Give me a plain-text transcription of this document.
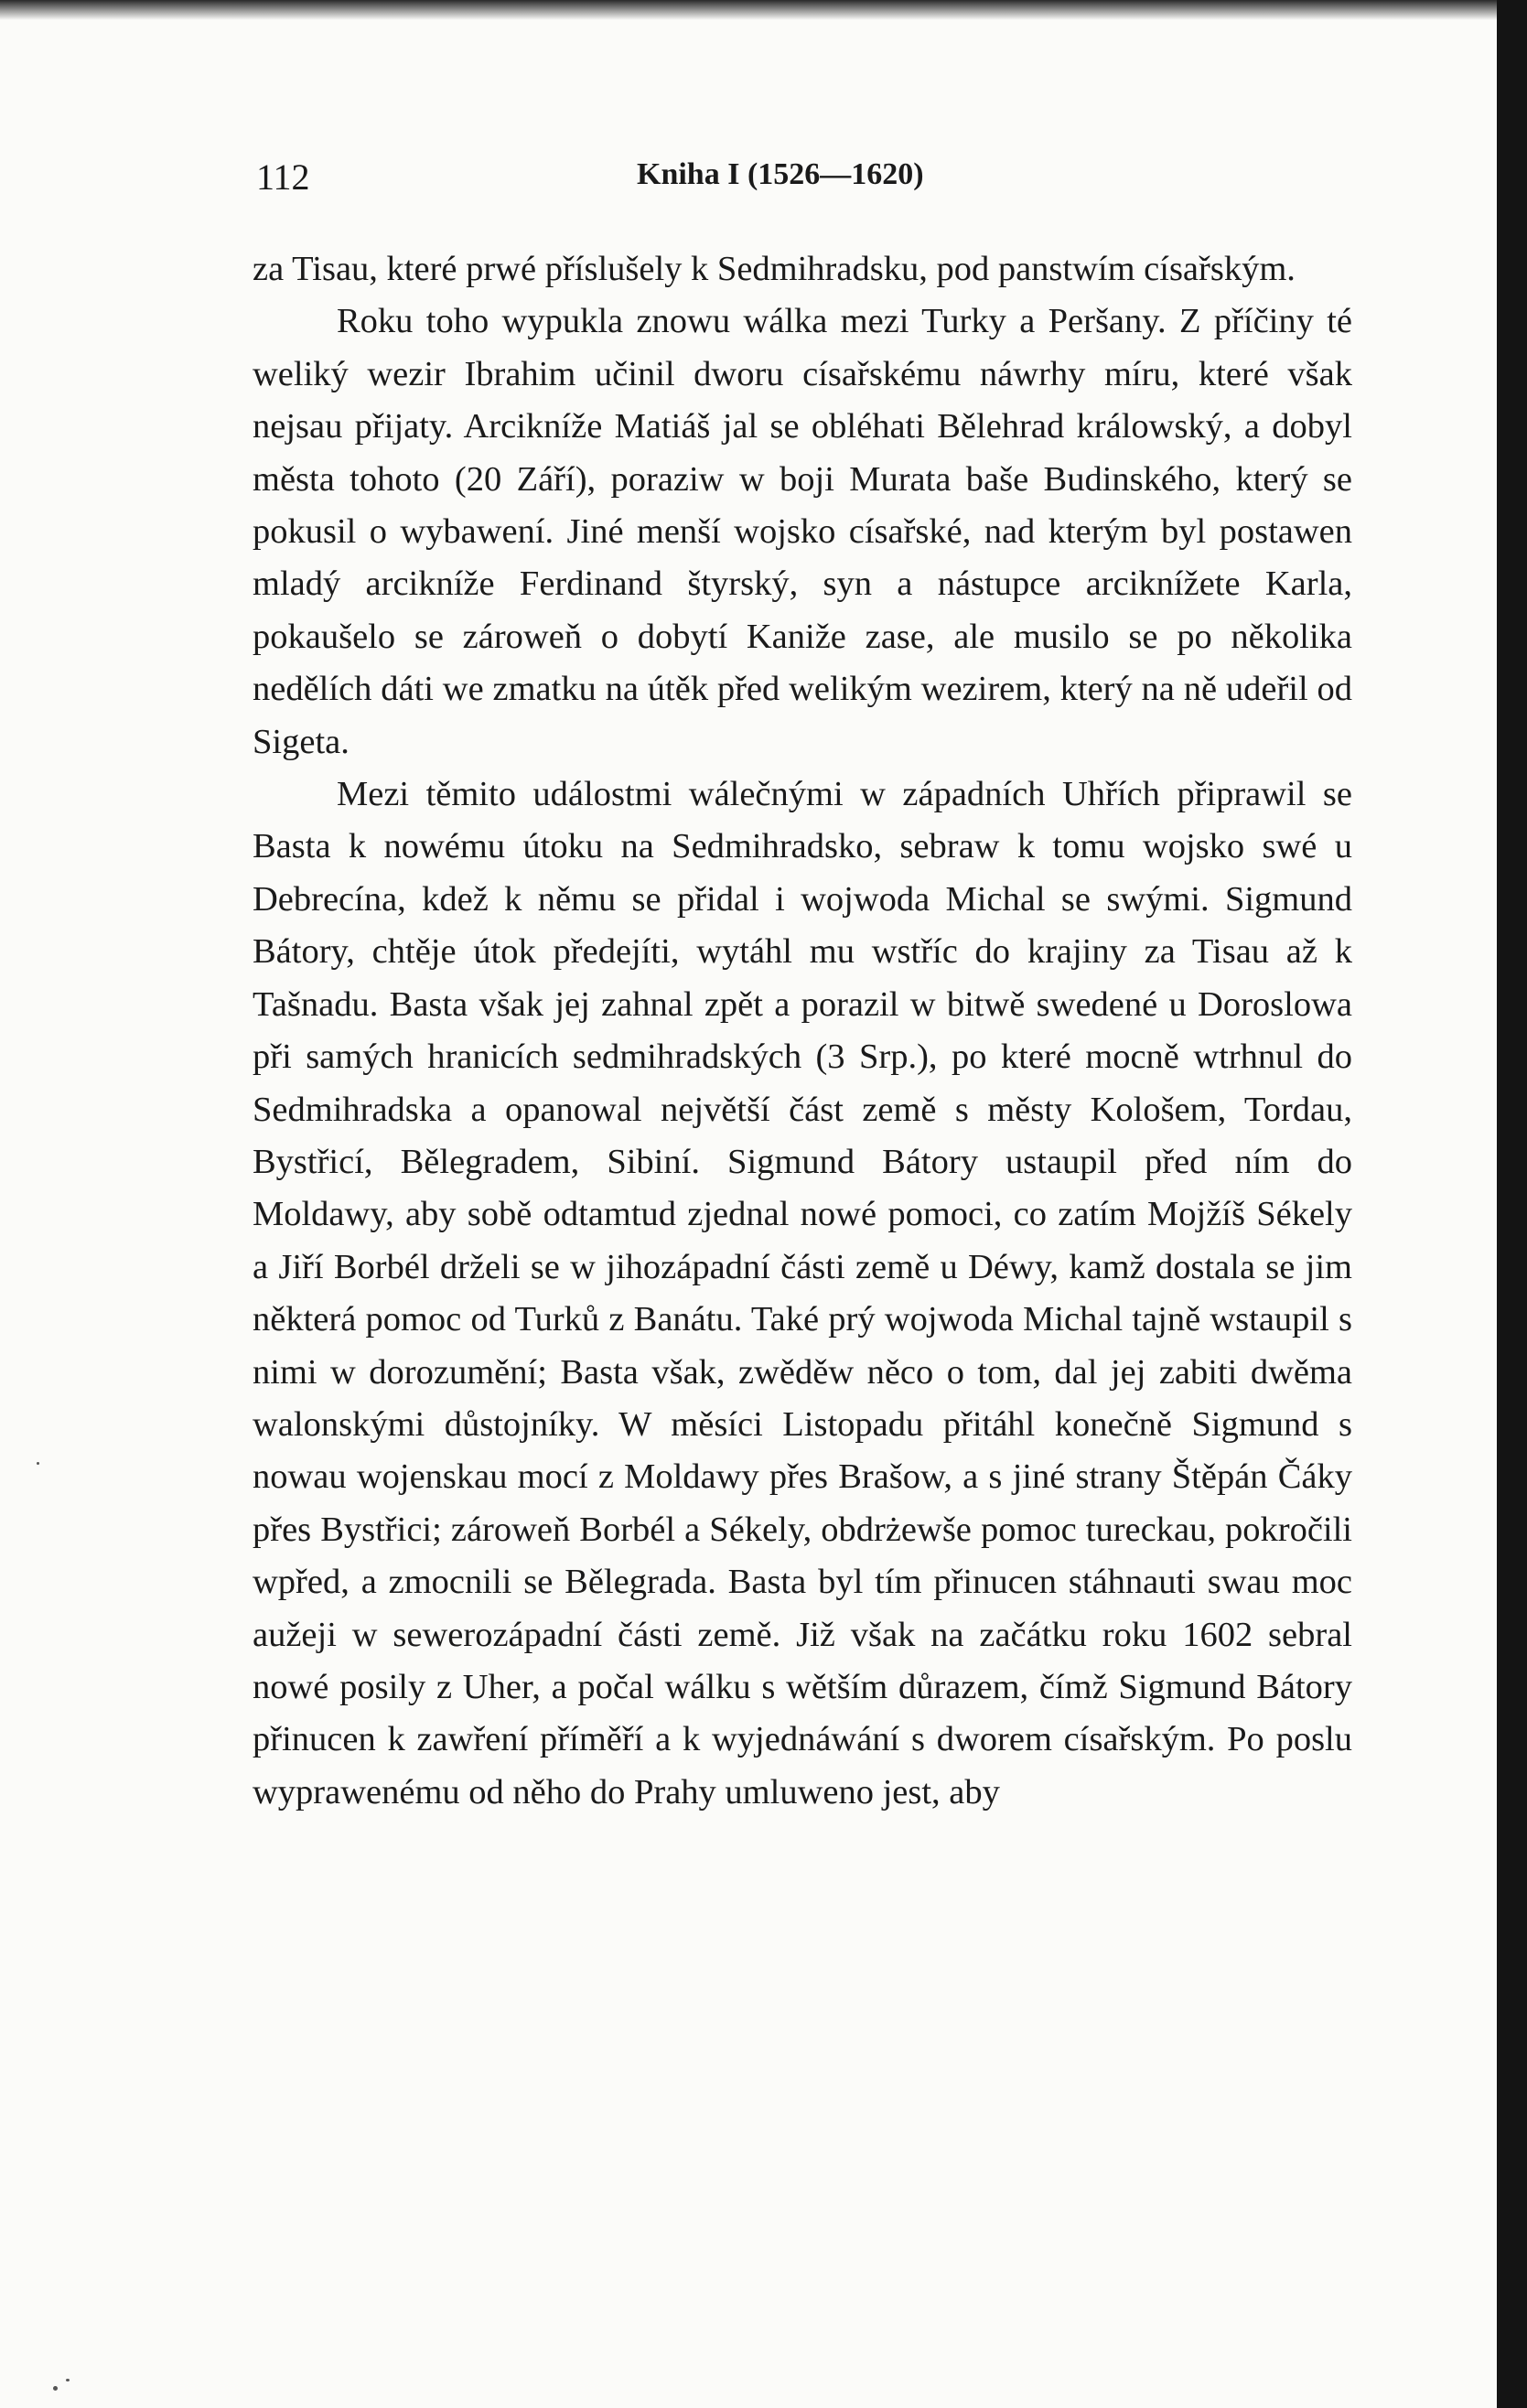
112	Kniha I (1526—1620)

za Tisau, které prwé příslušely k Sedmihradsku, pod panstwím císařským.

Roku toho wypukla znowu wálka mezi Turky a Peršany. Z příčiny té weliký wezir Ibrahim učinil dworu císařskému náwrhy míru, které však nejsau přijaty. Arcikníže Matiáš jal se obléhati Bělehrad králowský, a dobyl města tohoto (20 Září), poraziw w boji Murata baše Budinského, který se pokusil o wybawení. Jiné menší wojsko císařské, nad kterým byl postawen mladý arcikníže Ferdinand štyrský, syn a nástupce arciknížete Karla, pokaušelo se zároweň o dobytí Kaniže zase, ale musilo se po několika nedělích dáti we zmatku na útěk před welikým wezirem, který na ně udeřil od Sigeta.

Mezi těmito událostmi wálečnými w západních Uhřích připrawil se Basta k nowému útoku na Sedmihradsko, sebraw k tomu wojsko swé u Debrecína, kdež k němu se přidal i wojwoda Michal se swými. Sigmund Bátory, chtěje útok předejíti, wytáhl mu wstříc do krajiny za Tisau až k Tašnadu. Basta však jej zahnal zpět a porazil w bitwě swedené u Doroslowa při samých hranicích sedmihradských (3 Srp.), po které mocně wtrhnul do Sedmihradska a opanowal největší část země s městy Kološem, Tordau, Bystřicí, Bělegradem, Sibiní. Sigmund Bátory ustaupil před ním do Moldawy, aby sobě odtamtud zjednal nowé pomoci, co zatím Mojžíš Sékely a Jiří Borbél drželi se w jihozápadní části země u Déwy, kamž dostala se jim některá pomoc od Turků z Banátu. Také prý wojwoda Michal tajně wstaupil s nimi w dorozumění; Basta však, zwěděw něco o tom, dal jej zabiti dwěma walonskými důstojníky. W měsíci Listopadu přitáhl konečně Sigmund s nowau wojenskau mocí z Moldawy přes Brašow, a s jiné strany Štěpán Čáky přes Bystřici; zároweň Borbél a Sékely, obdrżewše pomoc tureckau, pokročili wpřed, a zmocnili se Bělegrada. Basta byl tím přinucen stáhnauti swau moc aužeji w sewerozápadní části země. Již však na začátku roku 1602 sebral nowé posily z Uher, a počal wálku s wětším důrazem, čímž Sigmund Bátory přinucen k zawření příměří a k wyjednáwání s dworem císařským. Po poslu wyprawenému od něho do Prahy umluweno jest, aby
